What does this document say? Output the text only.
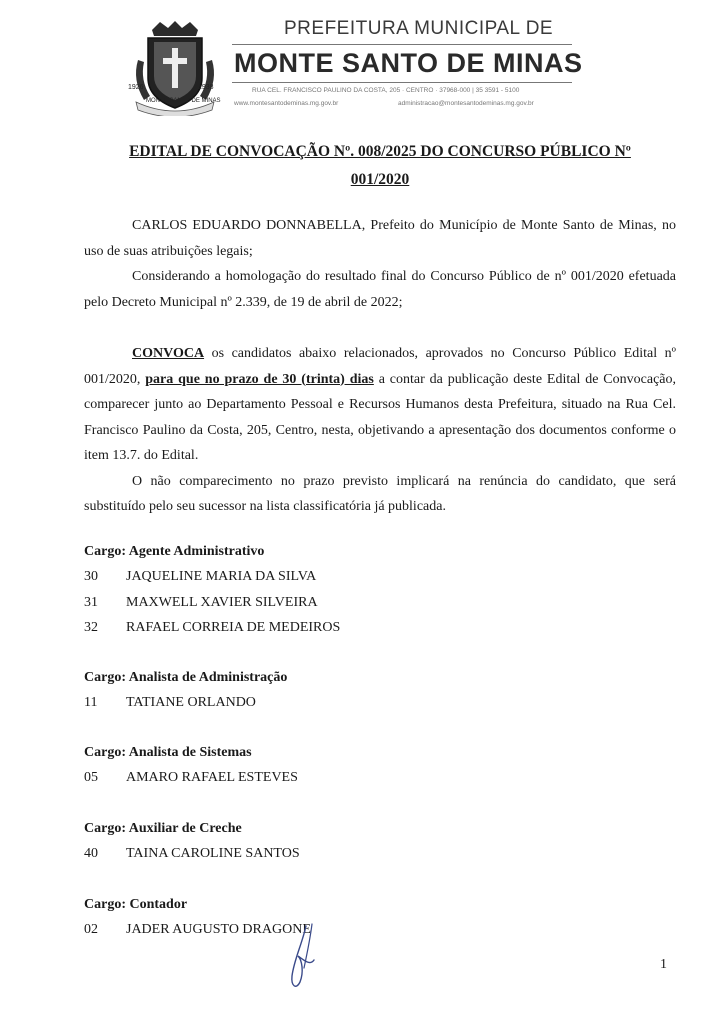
1926	1938
MONTE SANTO DE MINAS
PREFEITURA MUNICIPAL DE
MONTE SANTO DE MINAS
RUA CEL. FRANCISCO PAULINO DA COSTA, 205 · CENTRO · 37968-000 | 35 3591 - 5100
www.montesantodeminas.mg.gov.br	administracao@montesantodeminas.mg.gov.br
EDITAL DE CONVOCAÇÃO Nº. 008/2025 DO CONCURSO PÚBLICO Nº
001/2020

CARLOS EDUARDO DONNABELLA, Prefeito do Município de Monte Santo de Minas, no uso de suas atribuições legais;

Considerando a homologação do resultado final do Concurso Público de nº 001/2020 efetuada pelo Decreto Municipal nº 2.339, de 19 de abril de 2022;

CONVOCA os candidatos abaixo relacionados, aprovados no Concurso Público Edital nº 001/2020, para que no prazo de 30 (trinta) dias a contar da publicação deste Edital de Convocação, comparecer junto ao Departamento Pessoal e Recursos Humanos desta Prefeitura, situado na Rua Cel. Francisco Paulino da Costa, 205, Centro, nesta, objetivando a apresentação dos documentos conforme o item 13.7. do Edital.

O não comparecimento no prazo previsto implicará na renúncia do candidato, que será substituído pelo seu sucessor na lista classificatória já publicada.

Cargo: Agente Administrativo
30 JAQUELINE MARIA DA SILVA
31 MAXWELL XAVIER SILVEIRA
32 RAFAEL CORREIA DE MEDEIROS
Cargo: Analista de Administração
11 TATIANE ORLANDO
Cargo: Analista de Sistemas
05 AMARO RAFAEL ESTEVES
Cargo: Auxiliar de Creche
40 TAINA CAROLINE SANTOS
Cargo: Contador
02 JADER AUGUSTO DRAGONE
1
